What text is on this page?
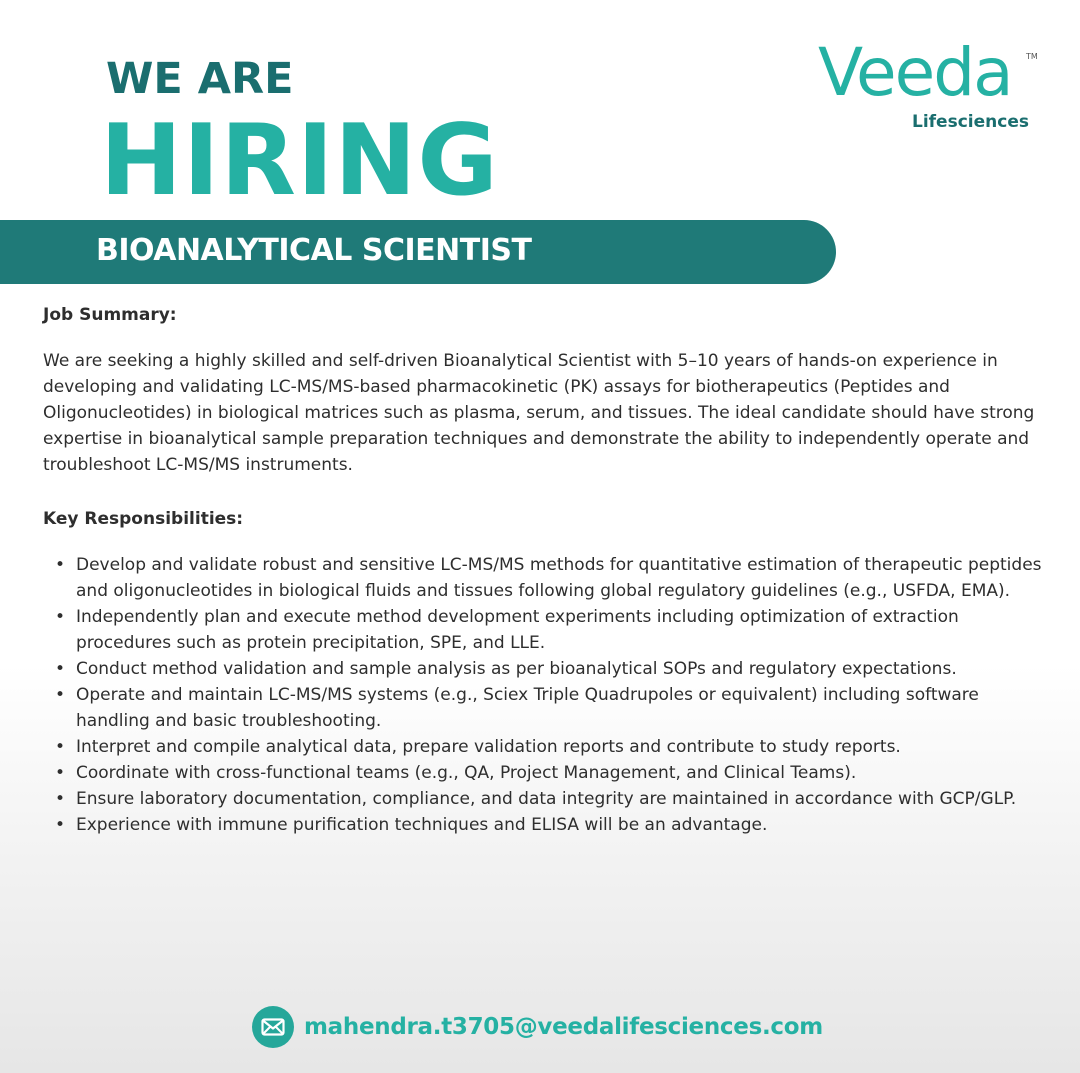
WE ARE
HIRING
Veeda TM
Lifesciences
BIOANALYTICAL SCIENTIST

Job Summary:

We are seeking a highly skilled and self-driven Bioanalytical Scientist with 5–10 years of hands-on experience in developing and validating LC-MS/MS-based pharmacokinetic (PK) assays for biotherapeutics (Peptides and Oligonucleotides) in biological matrices such as plasma, serum, and tissues. The ideal candidate should have strong expertise in bioanalytical sample preparation techniques and demonstrate the ability to independently operate and troubleshoot LC-MS/MS instruments.

Key Responsibilities:

• Develop and validate robust and sensitive LC-MS/MS methods for quantitative estimation of therapeutic peptides and oligonucleotides in biological fluids and tissues following global regulatory guidelines (e.g., USFDA, EMA).
• Independently plan and execute method development experiments including optimization of extraction procedures such as protein precipitation, SPE, and LLE.
• Conduct method validation and sample analysis as per bioanalytical SOPs and regulatory expectations.
• Operate and maintain LC-MS/MS systems (e.g., Sciex Triple Quadrupoles or equivalent) including software handling and basic troubleshooting.
• Interpret and compile analytical data, prepare validation reports and contribute to study reports.
• Coordinate with cross-functional teams (e.g., QA, Project Management, and Clinical Teams).
• Ensure laboratory documentation, compliance, and data integrity are maintained in accordance with GCP/GLP.
• Experience with immune purification techniques and ELISA will be an advantage.
mahendra.t3705@veedalifesciences.com
